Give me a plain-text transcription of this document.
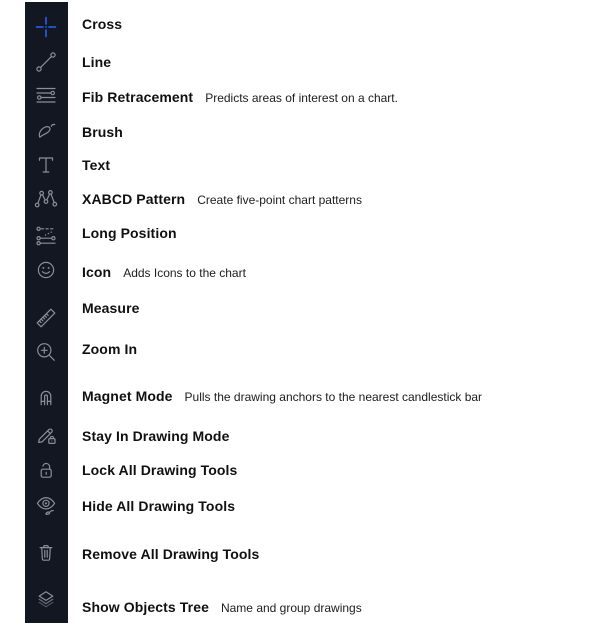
Cross
Line
Fib Retracement Predicts areas of interest on a chart.
Brush
Text
XABCD Pattern Create five-point chart patterns
Long Position
Icon Adds Icons to the chart
Measure
Zoom In
Magnet Mode Pulls the drawing anchors to the nearest candlestick bar
Stay In Drawing Mode
Lock All Drawing Tools
Hide All Drawing Tools
Remove All Drawing Tools
Show Objects Tree Name and group drawings
